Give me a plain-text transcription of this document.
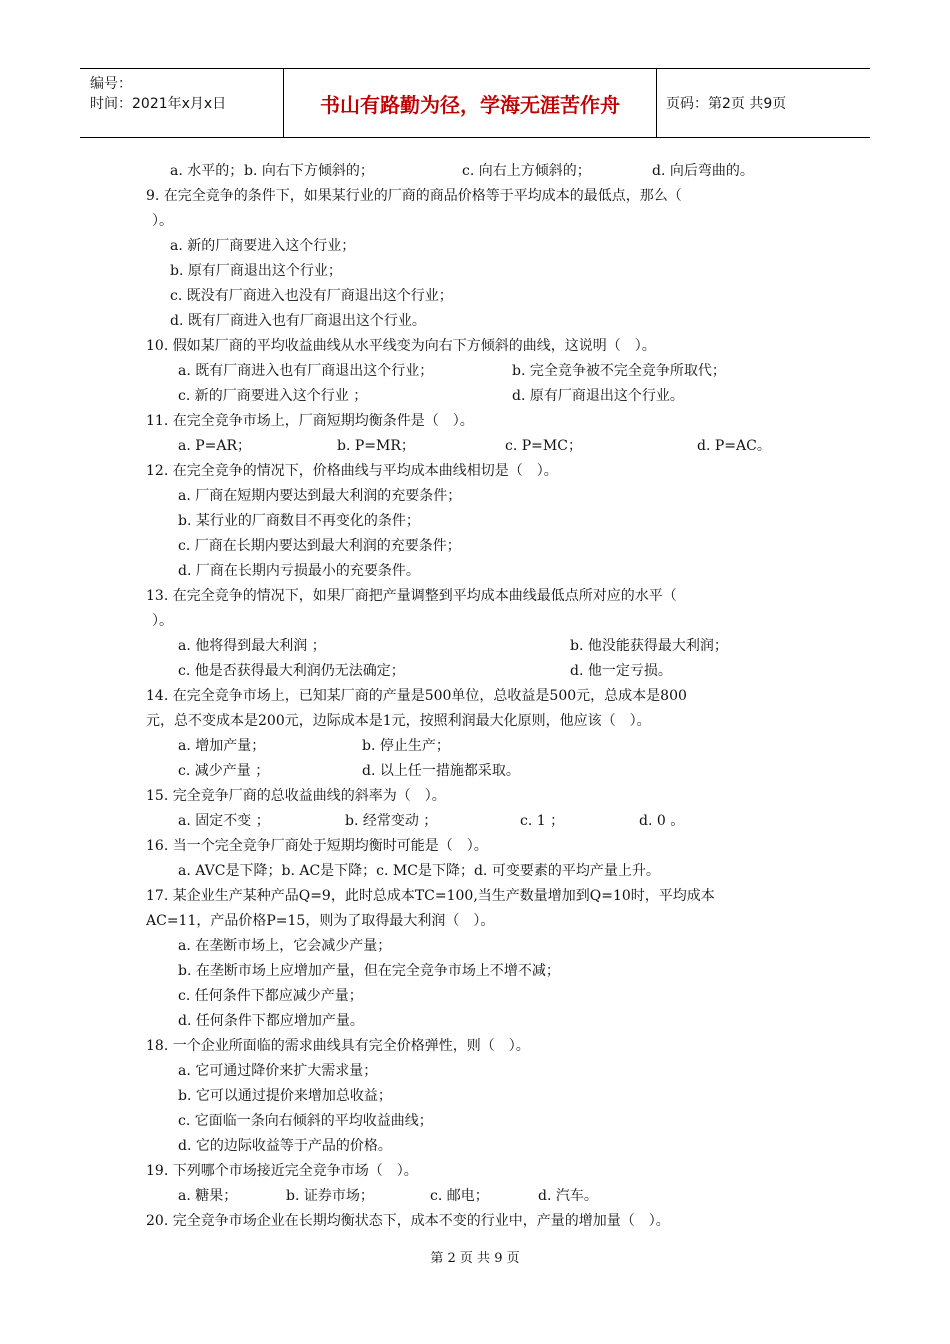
编号：
时间：2021年x月x日	书山有路勤为径，学海无涯苦作舟	页码：第2页 共9页
a. 水平的； b. 向右下方倾斜的；	c. 向右上方倾斜的；	d. 向后弯曲的。
9. 在完全竞争的条件下，如果某行业的厂商的商品价格等于平均成本的最低点，那么（
）。
a. 新的厂商要进入这个行业；
b. 原有厂商退出这个行业；
c. 既没有厂商进入也没有厂商退出这个行业；
d. 既有厂商进入也有厂商退出这个行业。
10. 假如某厂商的平均收益曲线从水平线变为向右下方倾斜的曲线，这说明（　）。
a. 既有厂商进入也有厂商退出这个行业；	b. 完全竞争被不完全竞争所取代；
c. 新的厂商要进入这个行业 ；	d. 原有厂商退出这个行业。
11. 在完全竞争市场上，厂商短期均衡条件是（　）。
a. P=AR；	b. P=MR；	c. P=MC；	d. P=AC。
12. 在完全竞争的情况下，价格曲线与平均成本曲线相切是（　）。
a. 厂商在短期内要达到最大利润的充要条件；
b. 某行业的厂商数目不再变化的条件；
c. 厂商在长期内要达到最大利润的充要条件；
d. 厂商在长期内亏损最小的充要条件。
13. 在完全竞争的情况下，如果厂商把产量调整到平均成本曲线最低点所对应的水平（
）。
a. 他将得到最大利润 ；	b. 他没能获得最大利润；
c. 他是否获得最大利润仍无法确定；	d. 他一定亏损。
14. 在完全竞争市场上，已知某厂商的产量是500单位，总收益是500元，总成本是800
元，总不变成本是200元，边际成本是1元，按照利润最大化原则，他应该（　）。
a. 增加产量；	b. 停止生产；
c. 减少产量 ；	d. 以上任一措施都采取。
15. 完全竞争厂商的总收益曲线的斜率为（　）。
a. 固定不变 ；	b. 经常变动 ；	c. 1 ；	d. 0 。
16. 当一个完全竞争厂商处于短期均衡时可能是（　）。
a. AVC是下降；b. AC是下降；c. MC是下降；d. 可变要素的平均产量上升。
17. 某企业生产某种产品Q=9，此时总成本TC=100,当生产数量增加到Q=10时，平均成本
AC=11，产品价格P=15，则为了取得最大利润（　）。
a. 在垄断市场上，它会减少产量；
b. 在垄断市场上应增加产量，但在完全竞争市场上不增不减；
c. 任何条件下都应减少产量；
d. 任何条件下都应增加产量。
18. 一个企业所面临的需求曲线具有完全价格弹性，则（　）。
a. 它可通过降价来扩大需求量；
b. 它可以通过提价来增加总收益；
c. 它面临一条向右倾斜的平均收益曲线；
d. 它的边际收益等于产品的价格。
19. 下列哪个市场接近完全竞争市场（　）。
a. 糖果；	b. 证券市场；	c. 邮电；	d. 汽车。
20. 完全竞争市场企业在长期均衡状态下，成本不变的行业中，产量的增加量（　）。
第 2 页 共 9 页
